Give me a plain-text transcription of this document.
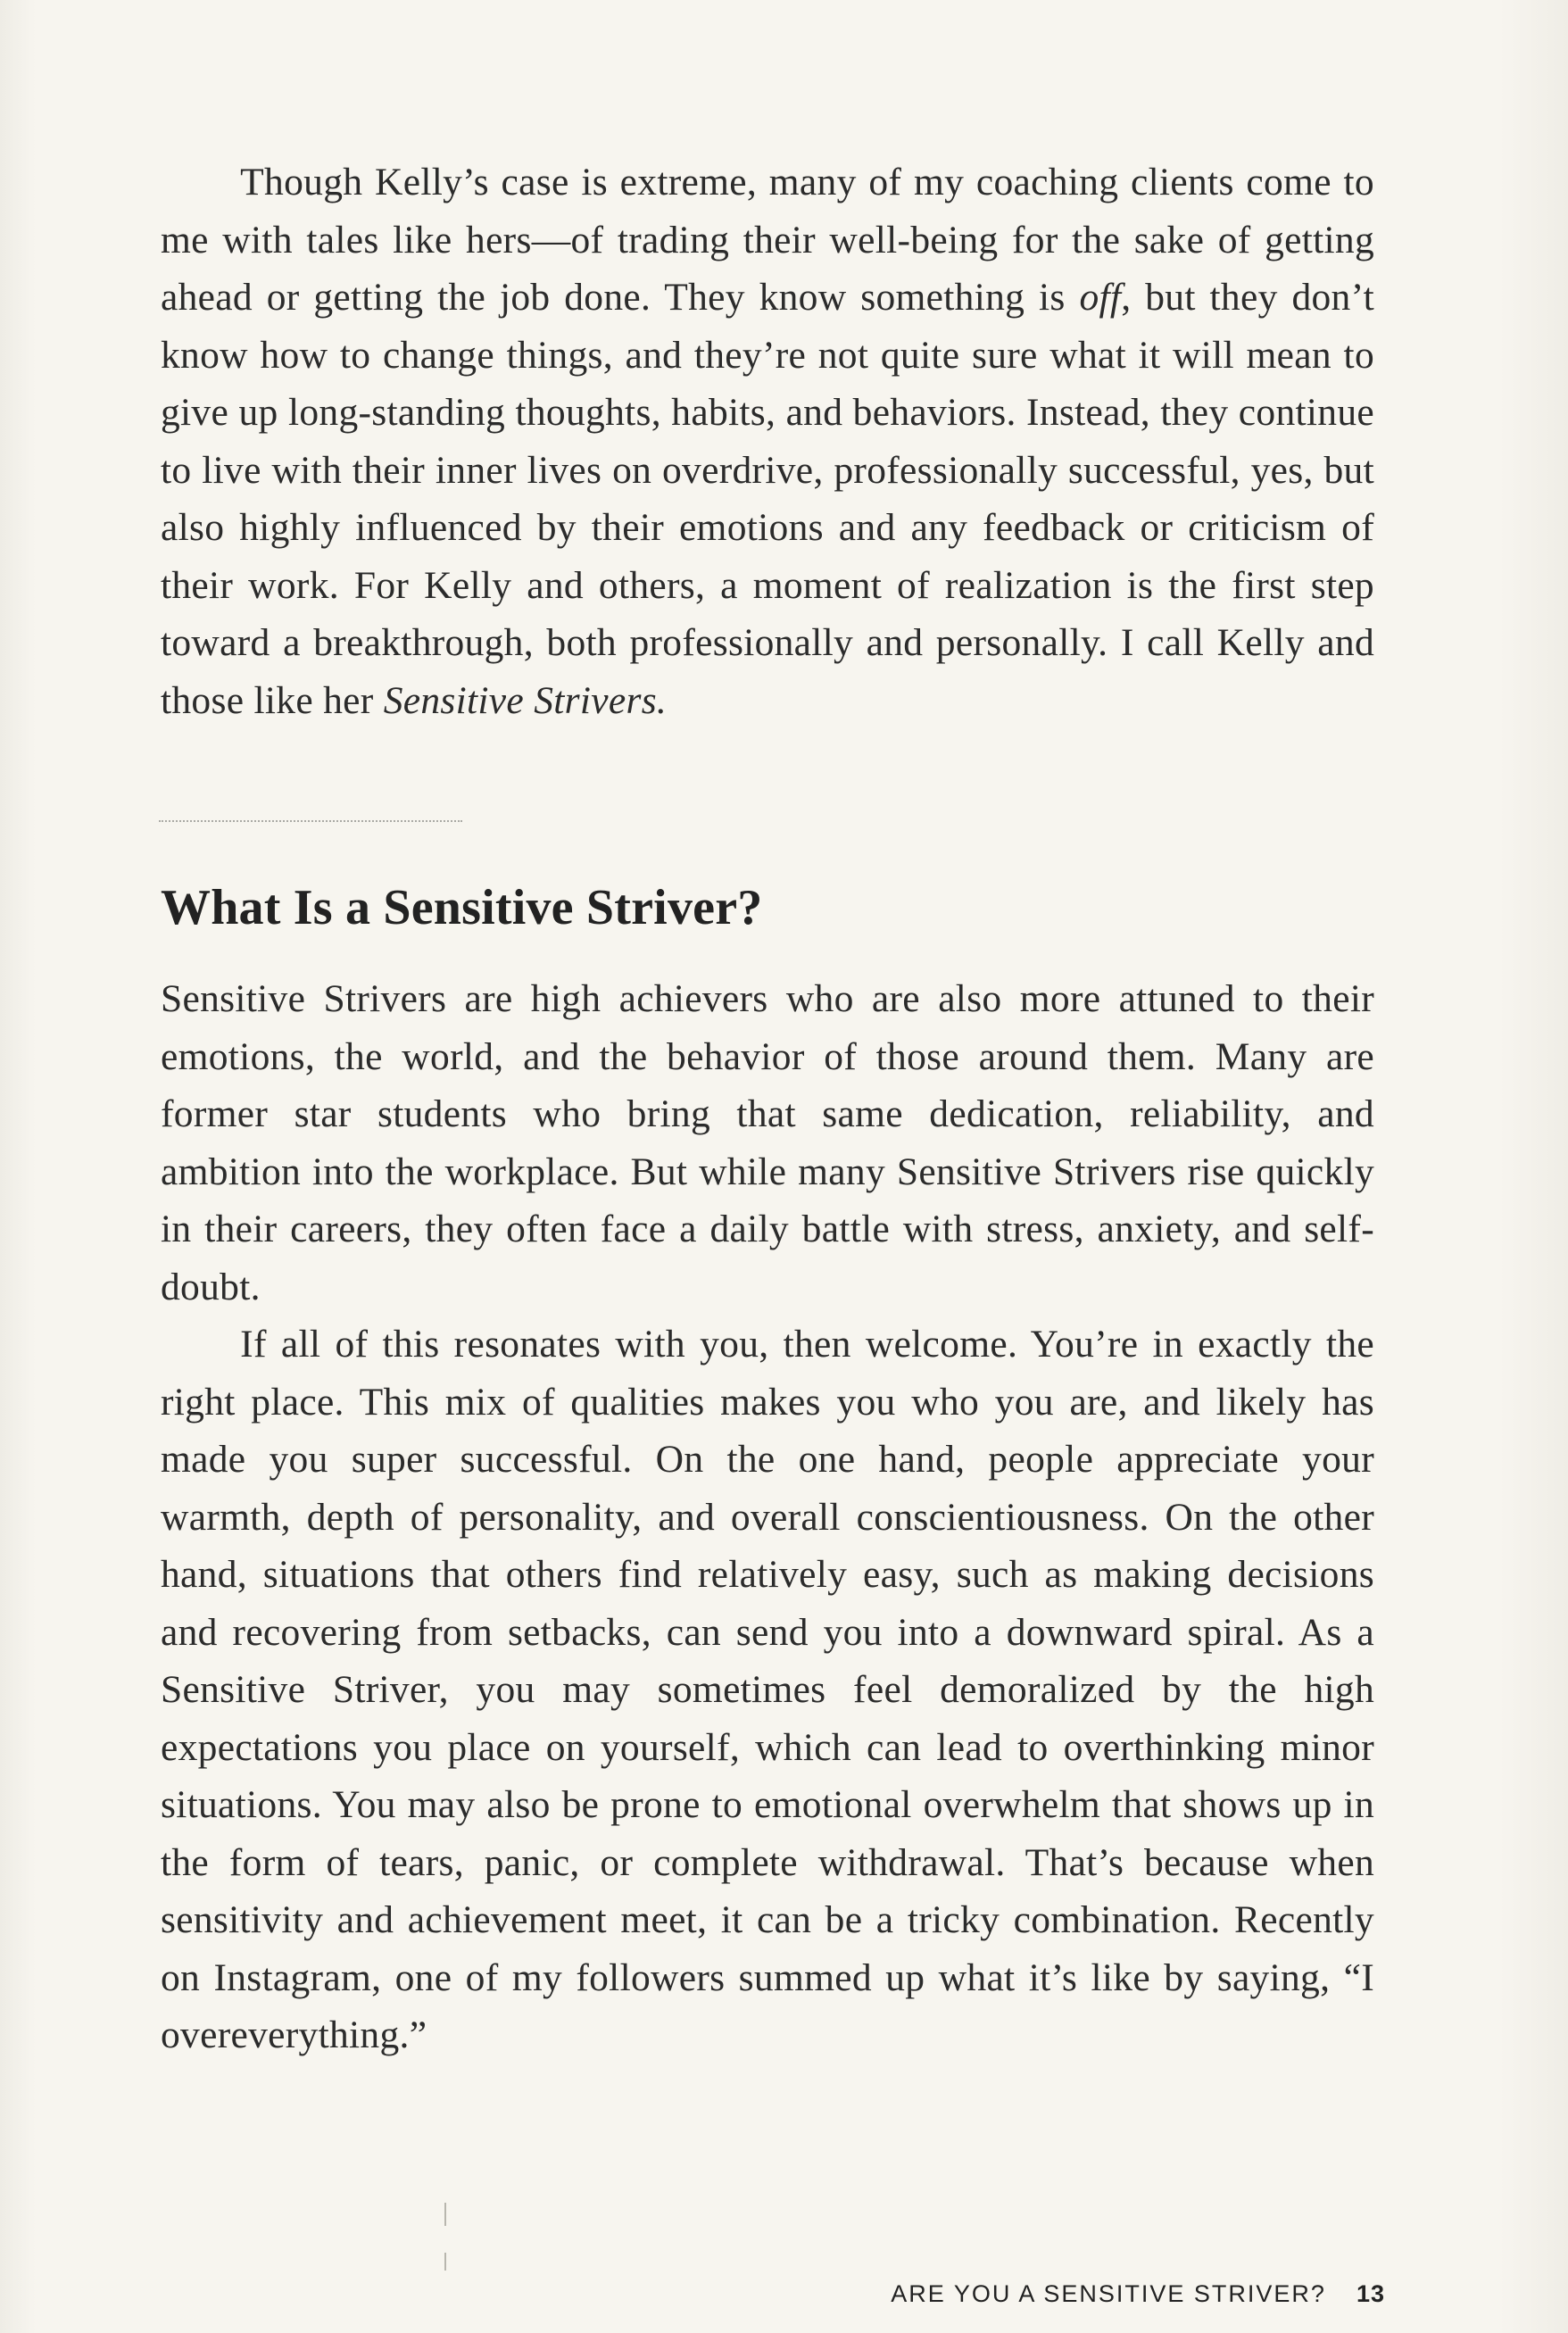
Though Kelly’s case is extreme, many of my coaching clients come to me with tales like hers—of trading their well-being for the sake of getting ahead or getting the job done. They know something is off, but they don’t know how to change things, and they’re not quite sure what it will mean to give up long-standing thoughts, habits, and behaviors. Instead, they continue to live with their inner lives on overdrive, professionally successful, yes, but also highly influenced by their emotions and any feedback or criticism of their work. For Kelly and others, a moment of realization is the first step toward a breakthrough, both professionally and personally. I call Kelly and those like her Sensitive Strivers.

What Is a Sensitive Striver?

Sensitive Strivers are high achievers who are also more attuned to their emotions, the world, and the behavior of those around them. Many are former star students who bring that same dedication, reliability, and ambition into the workplace. But while many Sensitive Strivers rise quickly in their careers, they often face a daily battle with stress, anxiety, and self-doubt.

If all of this resonates with you, then welcome. You’re in exactly the right place. This mix of qualities makes you who you are, and likely has made you super successful. On the one hand, people appreciate your warmth, depth of personality, and overall conscientiousness. On the other hand, situations that others find relatively easy, such as making decisions and recovering from setbacks, can send you into a downward spiral. As a Sensitive Striver, you may sometimes feel demoralized by the high expectations you place on yourself, which can lead to overthinking minor situations. You may also be prone to emotional overwhelm that shows up in the form of tears, panic, or complete withdrawal. That’s because when sensitivity and achievement meet, it can be a tricky combination. Recently on Instagram, one of my followers summed up what it’s like by saying, “I overeverything.”

ARE YOU A SENSITIVE STRIVER? 13
